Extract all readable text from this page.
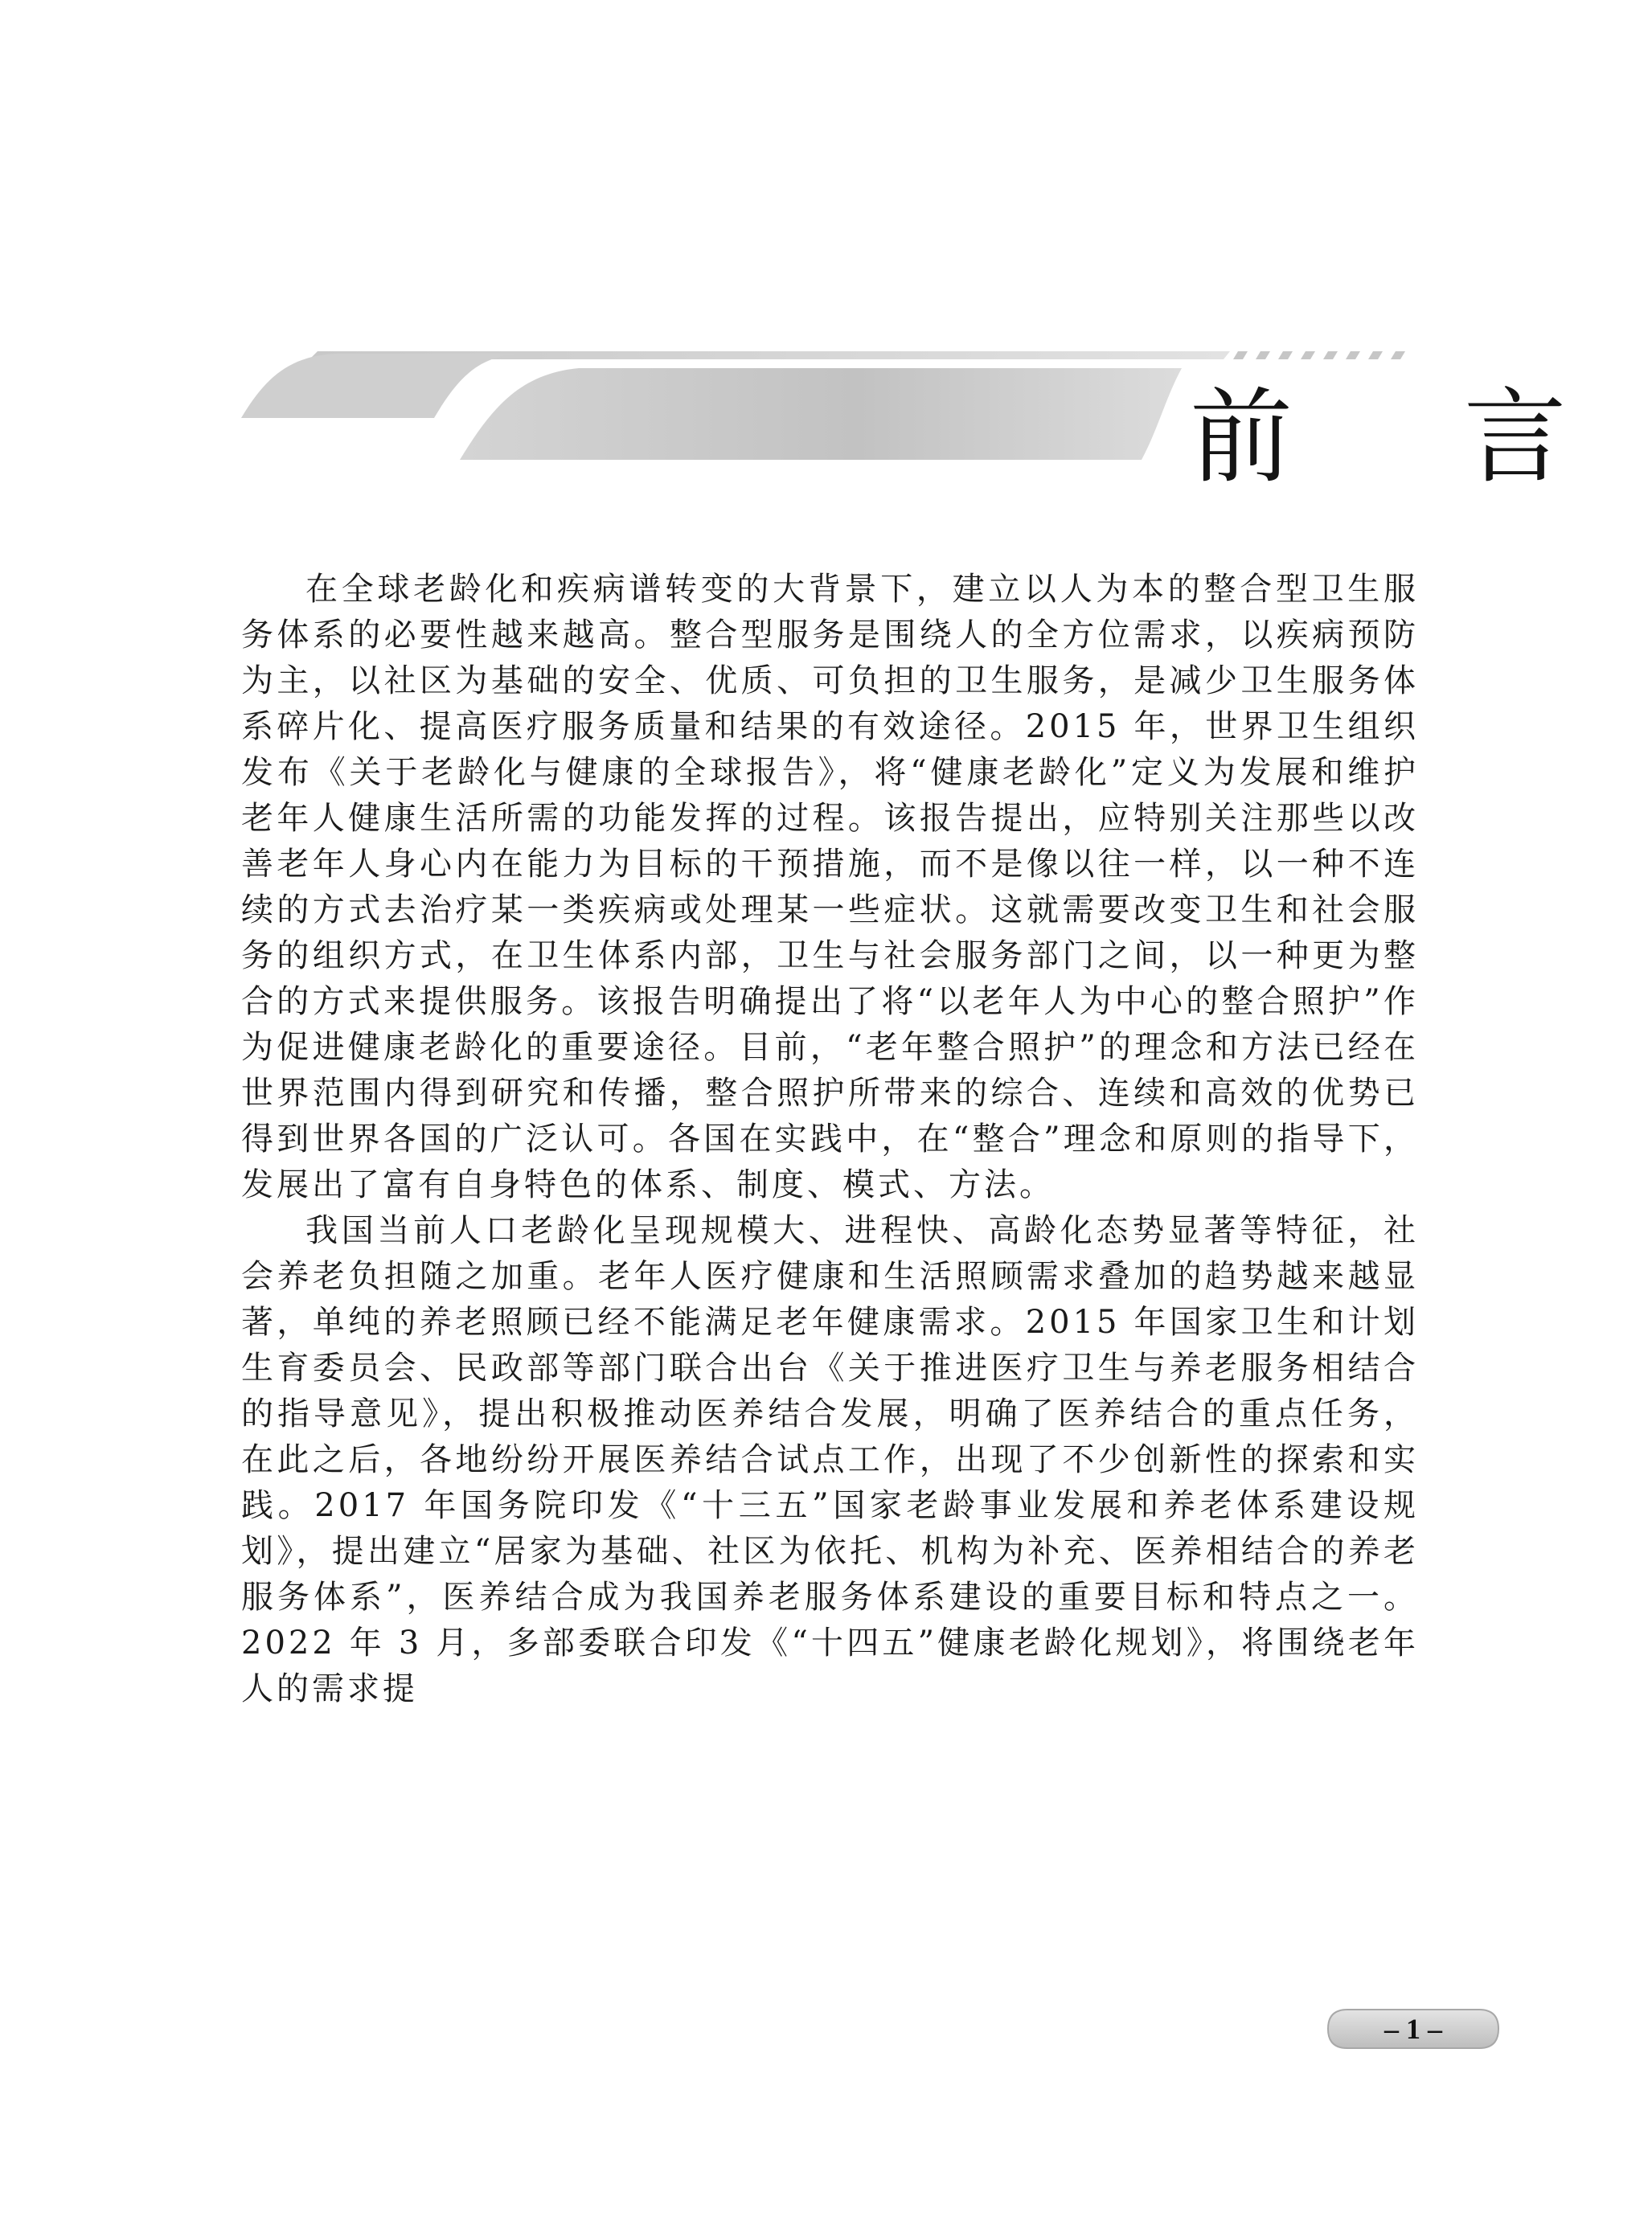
前 言

在全球老龄化和疾病谱转变的大背景下，建立以人为本的整合型卫生服务体系的必要性越来越高。整合型服务是围绕人的全方位需求，以疾病预防为主，以社区为基础的安全、优质、可负担的卫生服务，是减少卫生服务体系碎片化、提高医疗服务质量和结果的有效途径。2015 年，世界卫生组织发布《关于老龄化与健康的全球报告》，将“健康老龄化”定义为发展和维护老年人健康生活所需的功能发挥的过程。该报告提出，应特别关注那些以改善老年人身心内在能力为目标的干预措施，而不是像以往一样，以一种不连续的方式去治疗某一类疾病或处理某一些症状。这就需要改变卫生和社会服务的组织方式，在卫生体系内部，卫生与社会服务部门之间，以一种更为整合的方式来提供服务。该报告明确提出了将“以老年人为中心的整合照护”作为促进健康老龄化的重要途径。目前，“老年整合照护”的理念和方法已经在世界范围内得到研究和传播，整合照护所带来的综合、连续和高效的优势已得到世界各国的广泛认可。各国在实践中，在“整合”理念和原则的指导下，发展出了富有自身特色的体系、制度、模式、方法。

我国当前人口老龄化呈现规模大、进程快、高龄化态势显著等特征，社会养老负担随之加重。老年人医疗健康和生活照顾需求叠加的趋势越来越显著，单纯的养老照顾已经不能满足老年健康需求。2015 年国家卫生和计划生育委员会、民政部等部门联合出台《关于推进医疗卫生与养老服务相结合的指导意见》，提出积极推动医养结合发展，明确了医养结合的重点任务，在此之后，各地纷纷开展医养结合试点工作，出现了不少创新性的探索和实践。2017 年国务院印发《“十三五”国家老龄事业发展和养老体系建设规划》，提出建立“居家为基础、社区为依托、机构为补充、医养相结合的养老服务体系”，医养结合成为我国养老服务体系建设的重要目标和特点之一。2022 年 3 月，多部委联合印发《“十四五”健康老龄化规划》，将围绕老年人的需求提

– 1 –
